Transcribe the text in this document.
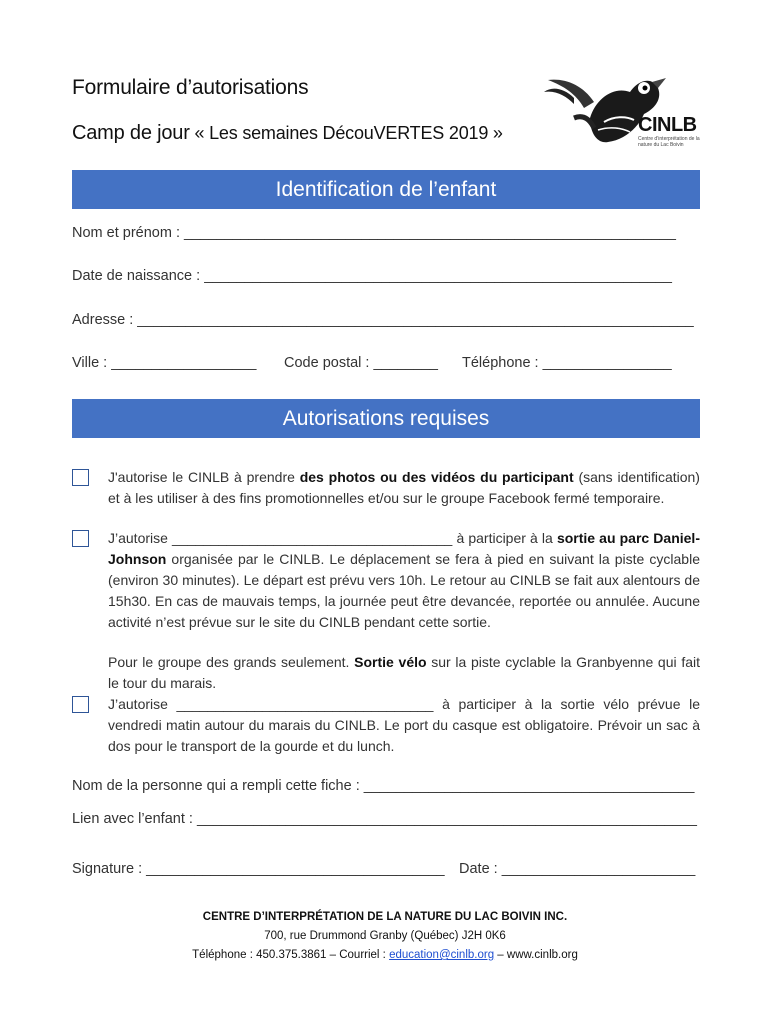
Formulaire d’autorisations
Camp de jour « Les semaines DécouVERTES 2019 »	CINLB
Centre d’interprétation de la nature du Lac Boivin
Identification de l’enfant
Nom et prénom : _____________________________________________________________
Date de naissance : __________________________________________________________
Adresse : _____________________________________________________________________
Ville : __________________ Code postal : ________ Téléphone : ________________
Autorisations requises
J'autorise le CINLB à prendre des photos ou des vidéos du participant (sans identification) et à les utiliser à des fins promotionnelles et/ou sur le groupe Facebook fermé temporaire.
J’autorise ____________________________________ à participer à la sortie au parc Daniel-Johnson organisée par le CINLB. Le déplacement se fera à pied en suivant la piste cyclable (environ 30 minutes). Le départ est prévu vers 10h. Le retour au CINLB se fait aux alentours de 15h30. En cas de mauvais temps, la journée peut être devancée, reportée ou annulée. Aucune activité n’est prévue sur le site du CINLB pendant cette sortie.
Pour le groupe des grands seulement. Sortie vélo sur la piste cyclable la Granbyenne qui fait le tour du marais.
J’autorise _________________________________ à participer à la sortie vélo prévue le vendredi matin autour du marais du CINLB. Le port du casque est obligatoire. Prévoir un sac à dos pour le transport de la gourde et du lunch.
Nom de la personne qui a rempli cette fiche : _________________________________________
Lien avec l’enfant : ______________________________________________________________
Signature : _____________________________________ Date : ________________________
CENTRE D’INTERPRÉTATION DE LA NATURE DU LAC BOIVIN INC.
700, rue Drummond Granby (Québec) J2H 0K6
Téléphone : 450.375.3861 – Courriel : education@cinlb.org – www.cinlb.org
